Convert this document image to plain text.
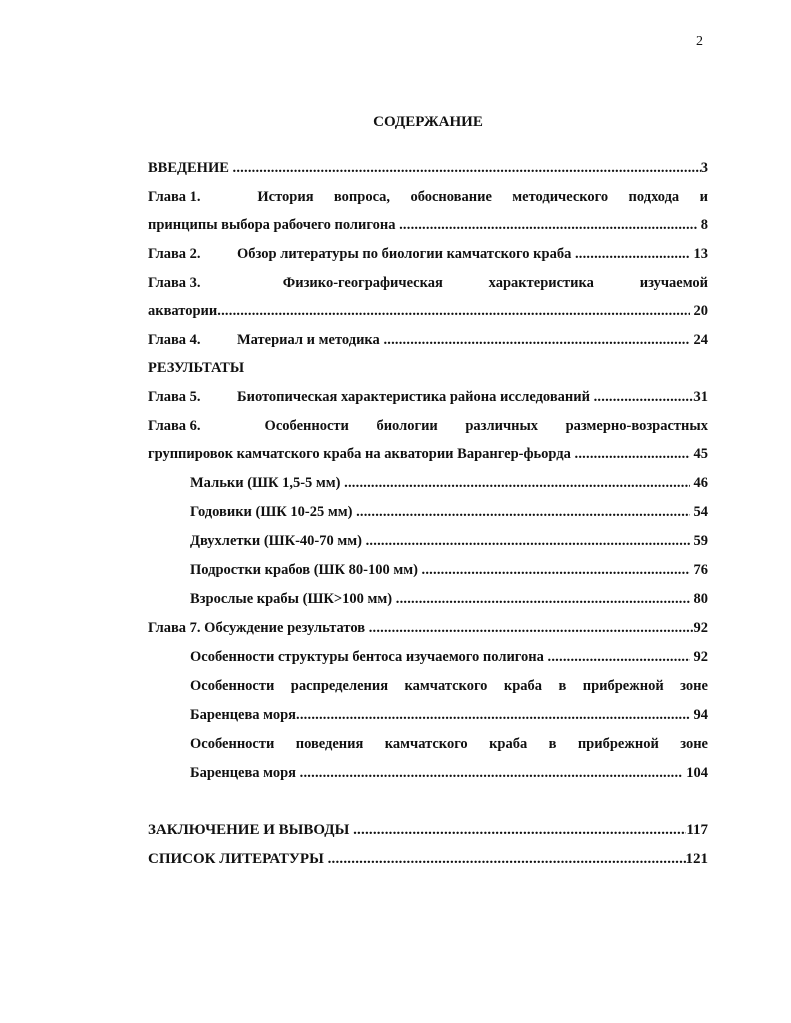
2
СОДЕРЖАНИЕ
ВВЕДЕНИЕ .....	3
Глава 1.	История вопроса, обоснование методического подхода и
принципы выбора рабочего полигона .....	8
Глава 2.	Обзор литературы по биологии камчатского краба .....	13
Глава 3.	Физико-географическая	характеристика	изучаемой
акватории .....	20
Глава 4.	Материал и методика .....	24
РЕЗУЛЬТАТЫ
Глава 5.	Биотопическая характеристика района исследований .....	31
Глава 6.	Особенности биологии различных размерно-возрастных
группировок камчатского краба на акватории Варангер-фьорда .....	45
Мальки (ШК 1,5-5 мм) .....	46
Годовики (ШК 10-25 мм) .....	54
Двухлетки (ШК-40-70 мм) .....	59
Подростки крабов (ШК 80-100 мм) .....	76
Взрослые крабы (ШК>100 мм) .....	80
Глава 7. Обсуждение результатов .....	92
Особенности структуры бентоса изучаемого полигона .....	92
Особенности распределения камчатского краба в прибрежной зоне
Баренцева моря .....	94
Особенности поведения камчатского краба в прибрежной зоне
Баренцева моря .....	104
ЗАКЛЮЧЕНИЕ И ВЫВОДЫ .....	117
СПИСОК ЛИТЕРАТУРЫ .....	121
